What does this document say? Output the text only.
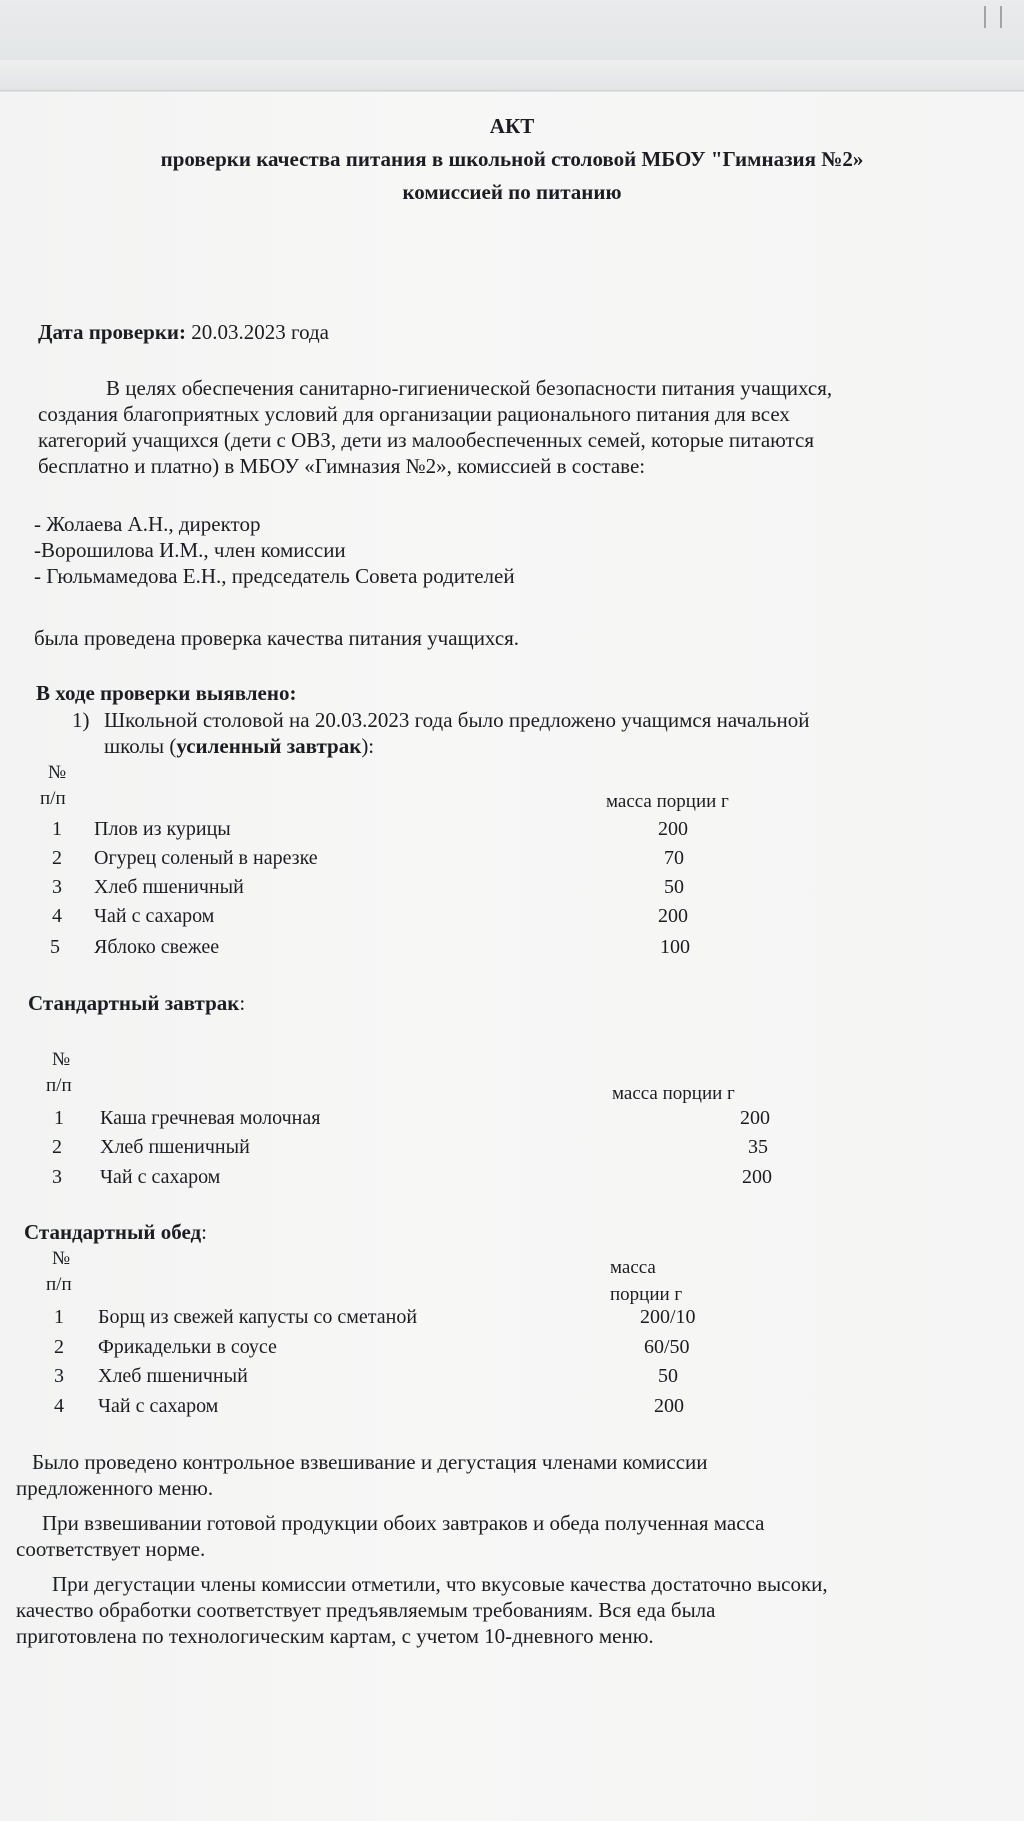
АКТ
проверки качества питания в школьной столовой МБОУ "Гимназия №2»
комиссией по питанию
Дата проверки: 20.03.2023 года
В целях обеспечения санитарно-гигиенической безопасности питания учащихся,
создания благоприятных условий для организации рационального питания для всех
категорий учащихся (дети с ОВЗ, дети из малообеспеченных семей, которые питаются
бесплатно и платно) в МБОУ «Гимназия №2», комиссией в составе:
- Жолаева А.Н., директор
-Ворошилова И.М., член комиссии
- Гюльмамедова Е.Н., председатель Совета родителей
была проведена проверка качества питания учащихся.
В ходе проверки выявлено:
1) Школьной столовой на 20.03.2023 года было предложено учащимся начальной
школы (усиленный завтрак):
№
п/п	масса порции г
1 Плов из курицы	200
2 Огурец соленый в нарезке	70
3 Хлеб пшеничный	50
4 Чай с сахаром	200
5 Яблоко свежее	100
Стандартный завтрак:
№
п/п	масса порции г
1 Каша гречневая молочная	200
2 Хлеб пшеничный	35
3 Чай с сахаром	200
Стандартный обед:
№
п/п
масса
порции г
1 Борщ из свежей капусты со сметаной	200/10
2 Фрикадельки в соусе	60/50
3 Хлеб пшеничный	50
4 Чай с сахаром	200
Было проведено контрольное взвешивание и дегустация членами комиссии
предложенного меню.
При взвешивании готовой продукции обоих завтраков и обеда полученная масса
соответствует норме.
При дегустации члены комиссии отметили, что вкусовые качества достаточно высоки,
качество обработки соответствует предъявляемым требованиям. Вся еда была
приготовлена по технологическим картам, с учетом 10-дневного меню.
